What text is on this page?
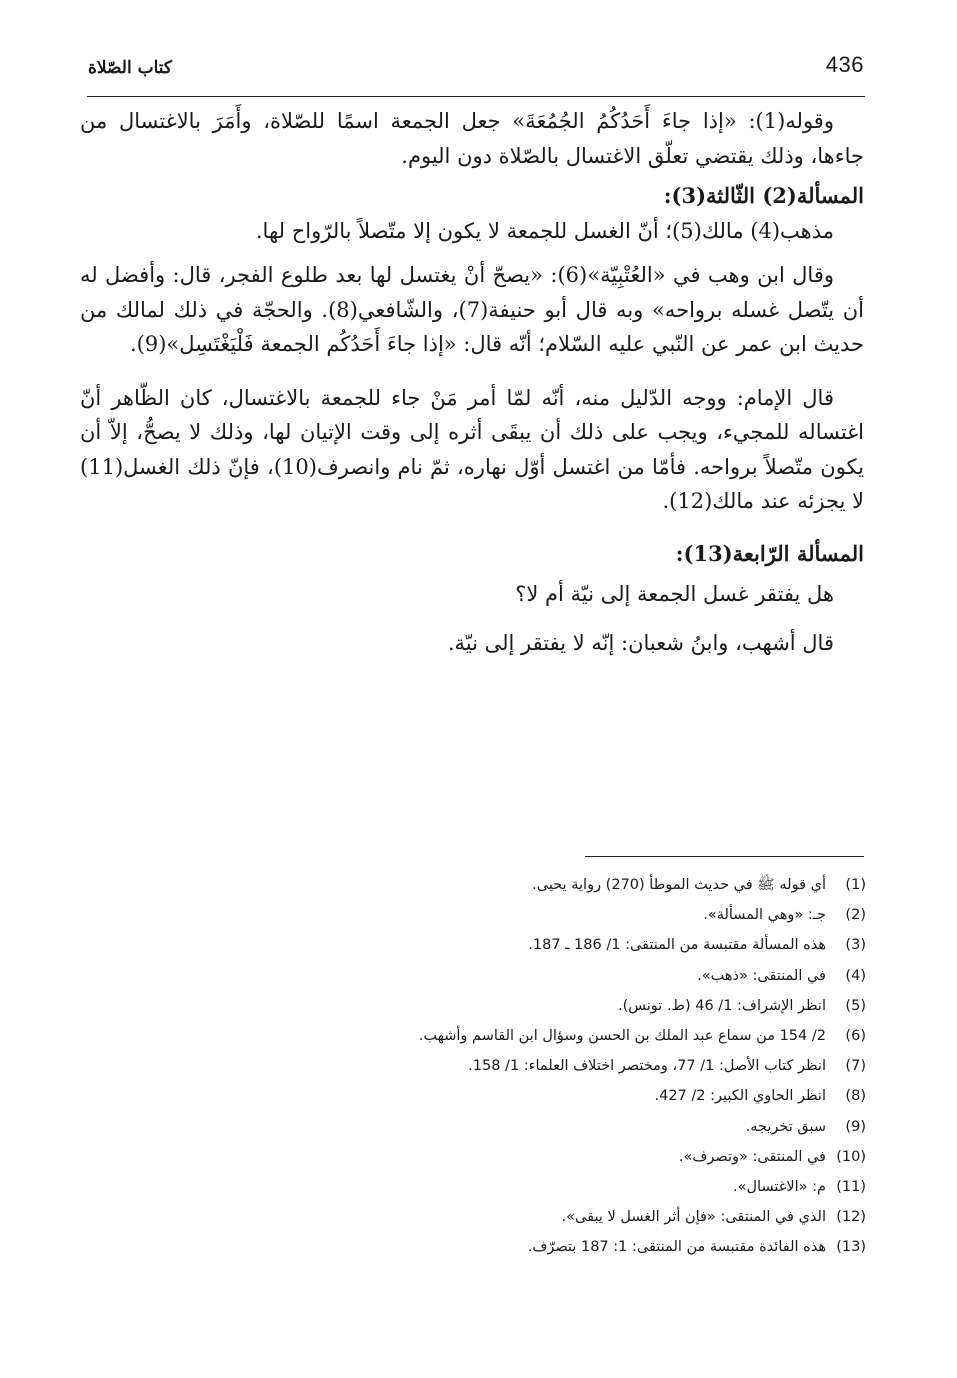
كتاب الصّلاة	436

وقوله(1): «إذا جاءَ أَحَدُكُمُ الجُمُعَةَ» جعل الجمعة اسمًا للصّلاة، وأَمَرَ بالاغتسال من جاءها، وذلك يقتضي تعلّق الاغتسال بالصّلاة دون اليوم.

المسألة(2) الثّالثة(3):

مذهب(4) مالك(5)؛ أنّ الغسل للجمعة لا يكون إلا متّصلاً بالرّواح لها.

وقال ابن وهب في «العُتْبِيّة»(6): «يصحّ أنْ يغتسل لها بعد طلوع الفجر، قال: وأفضل له أن يتّصل غسله برواحه» وبه قال أبو حنيفة(7)، والشّافعي(8). والحجّة في ذلك لمالك من حديث ابن عمر عن النّبي عليه السّلام؛ أنّه قال: «إذا جاءَ أَحَدُكُم الجمعة فَلْيَغْتَسِل»(9).

قال الإمام: ووجه الدّليل منه، أنّه لمّا أمر مَنْ جاء للجمعة بالاغتسال، كان الظّاهر أنّ اغتساله للمجيء، ويجب على ذلك أن يبقَى أثره إلى وقت الإتيان لها، وذلك لا يصحُّ، إلاّ أن يكون متّصلاً برواحه. فأمّا من اغتسل أوّل نهاره، ثمّ نام وانصرف(10)، فإنّ ذلك الغسل(11) لا يجزئه عند مالك(12).

المسألة الرّابعة(13):

هل يفتقر غسل الجمعة إلى نيّة أم لا؟

قال أشهب، وابنُ شعبان: إنّه لا يفتقر إلى نيّة.

(1)
أي قوله ﷺ في حديث الموطأ (270) رواية يحيى.
(2)
جـ: «وهي المسألة».
(3)
هذه المسألة مقتبسة من المنتقى: 1/ 186 ـ 187.
(4)
في المنتقى: «ذهب».
(5)
انظر الإشراف: 1/ 46 (ط. تونس).
(6)
2/ 154 من سماع عبد الملك بن الحسن وسؤال ابن القاسم وأشهب.
(7)
انظر كتاب الأصل: 1/ 77، ومختصر اختلاف العلماء: 1/ 158.
(8)
انظر الحاوي الكبير: 2/ 427.
(9)
سبق تخريجه.
(10)
في المنتقى: «وتصرف».
(11)
م: «الاغتسال».
(12)
الذي في المنتقى: «فإن أثر الغسل لا يبقى».
(13)
هذه الفائدة مقتبسة من المنتقى: 1: 187 بتصرّف.
